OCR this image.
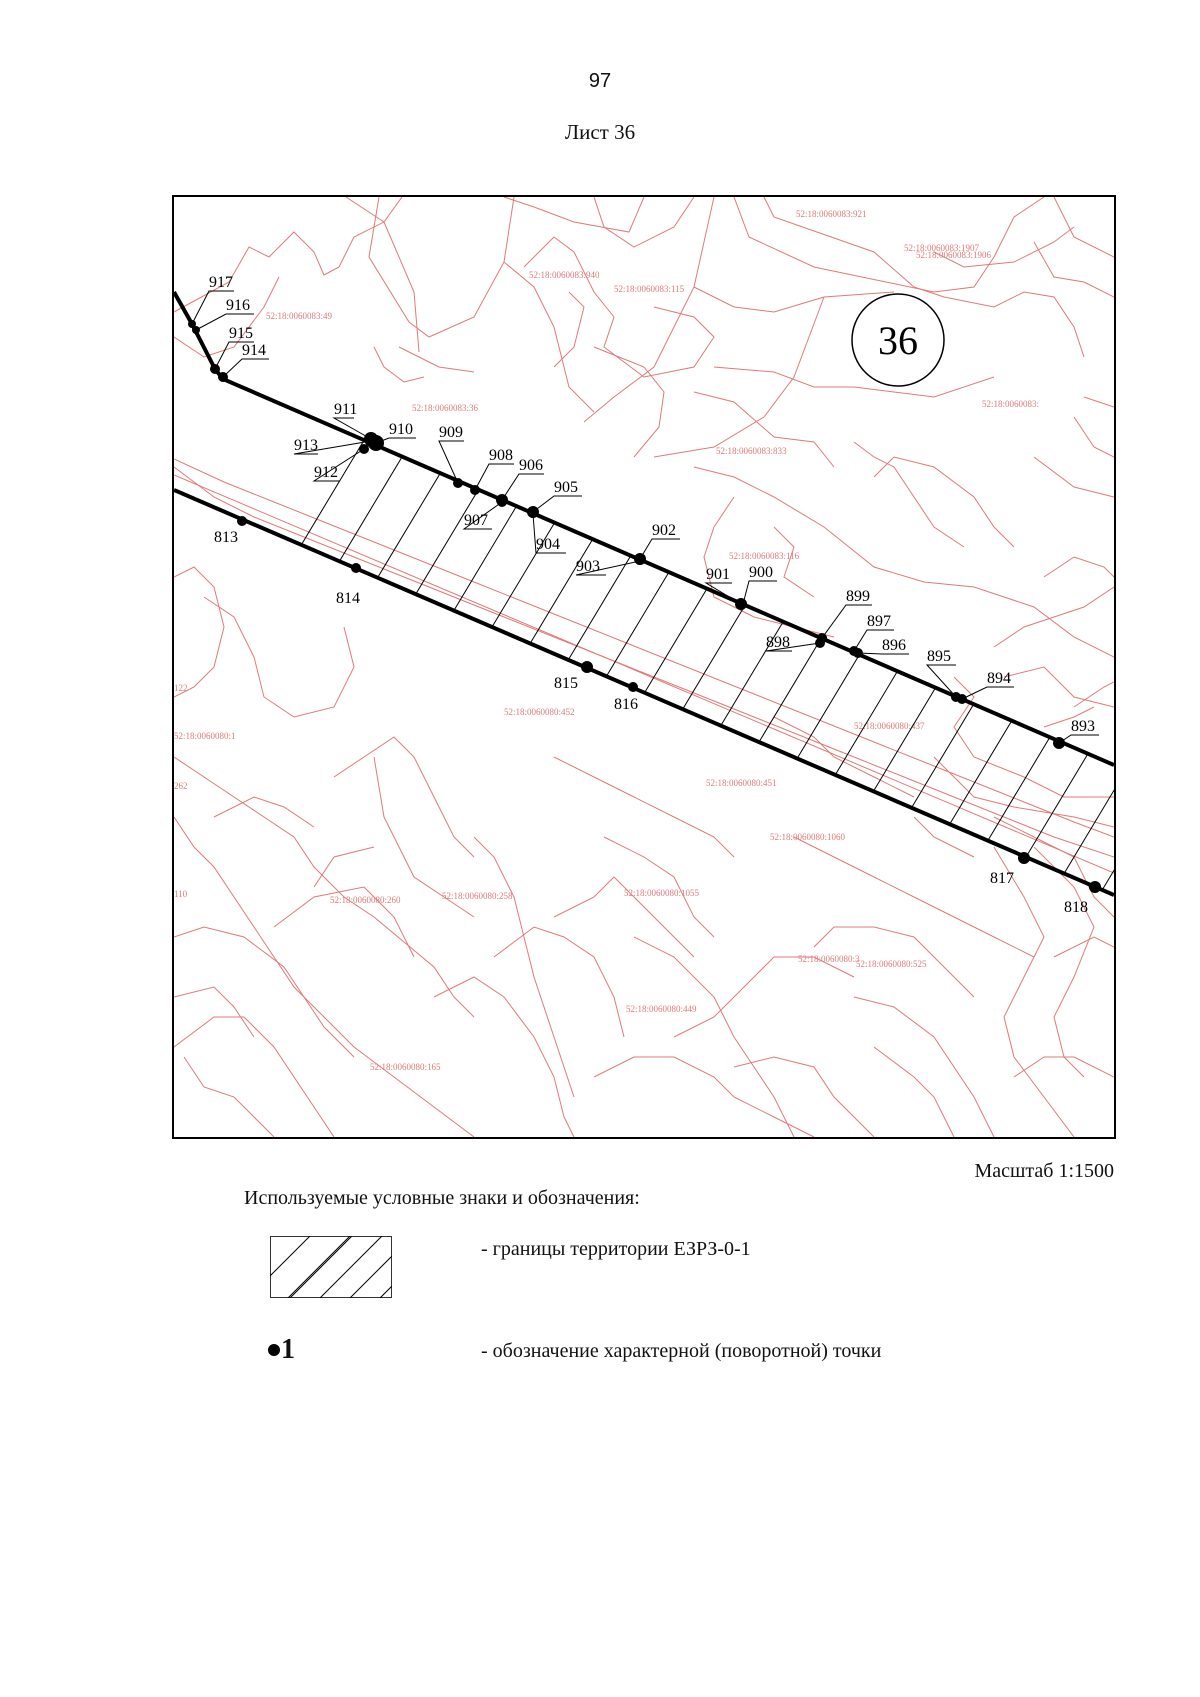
97
Лист 36
52:18:0060083:921
52:18:0060083:1907
52:18:0060083:1906
52:18:0060083:940
52:18:0060083:115
52:18:0060083:49
52:18:0060083:36	52:18:0060083:
52:18:0060083:833
52:18:0060083:116
52:18:0060080:452
52:18:0060080:437
52:18:0060080:451
52:18:0060080:1060
52:18:0060080:260	52:18:0060080:258	52:18:0060080:1055
52:18:0060080:3
52:18:0060080:525
52:18:0060080:449
52:18:0060080:165
52:18:0060080:1
122
262
110
36
917
916
915
914
911
913
910
912
909
908
906
907
905
904
902
903	901 900
899
897
898	896
895
894
893
813
814
815
816
817
818
Масштаб 1:1500
Используемые условные знаки и обозначения:
- границы территории ЕЗРЗ-0-1
1	- обозначение характерной (поворотной) точки
